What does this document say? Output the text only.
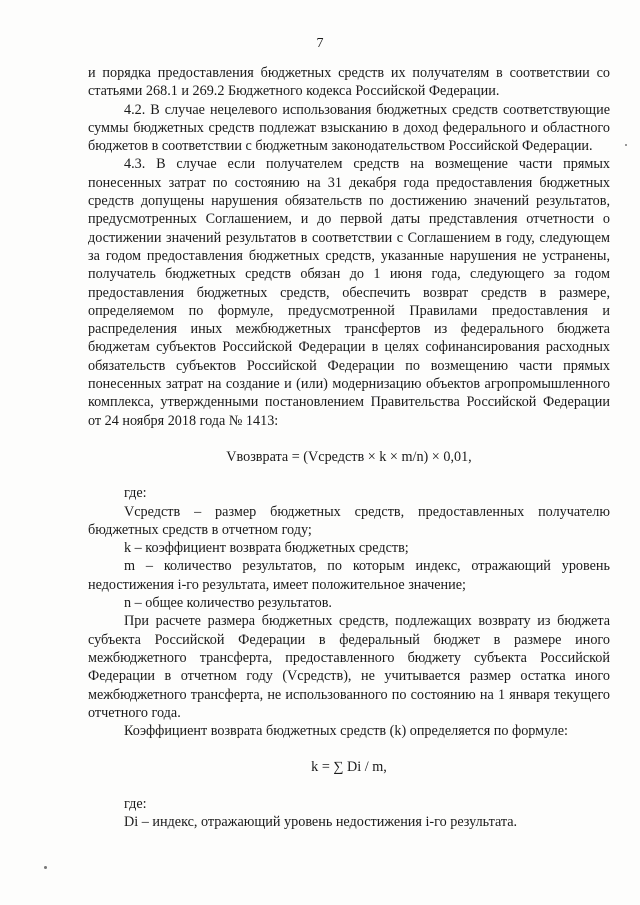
7

и порядка предоставления бюджетных средств их получателям в соответствии со статьями 268.1 и 269.2 Бюджетного кодекса Российской Федерации.

4.2. В случае нецелевого использования бюджетных средств соответствующие суммы бюджетных средств подлежат взысканию в доход федерального и областного бюджетов в соответствии с бюджетным законодательством Российской Федерации.

4.3. В случае если получателем средств на возмещение части прямых понесенных затрат по состоянию на 31 декабря года предоставления бюджетных средств допущены нарушения обязательств по достижению значений результатов, предусмотренных Соглашением, и до первой даты представления отчетности о достижении значений результатов в соответствии с Соглашением в году, следующем за годом предоставления бюджетных средств, указанные нарушения не устранены, получатель бюджетных средств обязан до 1 июня года, следующего за годом предоставления бюджетных средств, обеспечить возврат средств в размере, определяемом по формуле, предусмотренной Правилами предоставления и распределения иных межбюджетных трансфертов из федерального бюджета бюджетам субъектов Российской Федерации в целях софинансирования расходных обязательств субъектов Российской Федерации по возмещению части прямых понесенных затрат на создание и (или) модернизацию объектов агропромышленного комплекса, утвержденными постановлением Правительства Российской Федерации от 24 ноября 2018 года № 1413:

Vвозврата = (Vсредств × k × m/n) × 0,01,

где:

Vсредств – размер бюджетных средств, предоставленных получателю бюджетных средств в отчетном году;

k – коэффициент возврата бюджетных средств;

m – количество результатов, по которым индекс, отражающий уровень недостижения i-го результата, имеет положительное значение;

n – общее количество результатов.

При расчете размера бюджетных средств, подлежащих возврату из бюджета субъекта Российской Федерации в федеральный бюджет в размере иного межбюджетного трансферта, предоставленного бюджету субъекта Российской Федерации в отчетном году (Vсредств), не учитывается размер остатка иного межбюджетного трансферта, не использованного по состоянию на 1 января текущего отчетного года.

Коэффициент возврата бюджетных средств (k) определяется по формуле:

k = ∑ Di / m,

где:

Di – индекс, отражающий уровень недостижения i-го результата.
